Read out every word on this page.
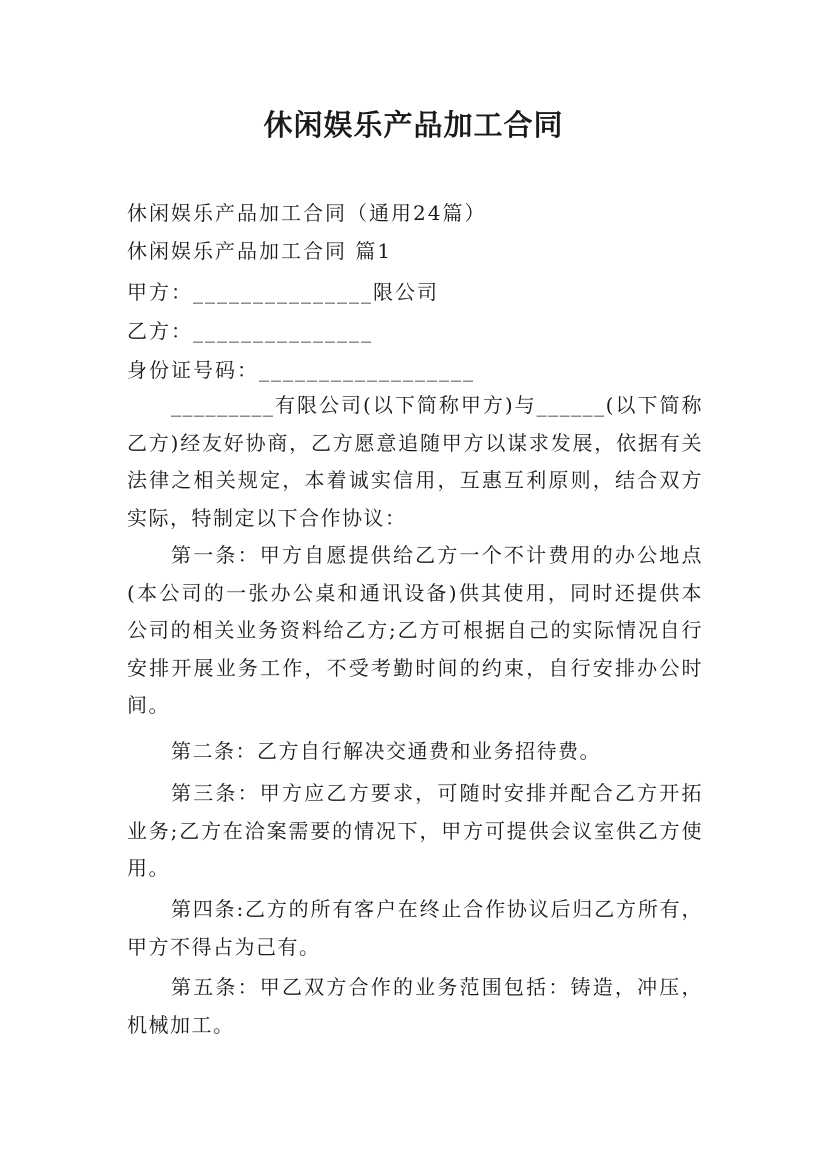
休闲娱乐产品加工合同

休闲娱乐产品加工合同（通用24篇）

休闲娱乐产品加工合同 篇1

甲方：_______________限公司

乙方：_______________

身份证号码：__________________

_________有限公司(以下简称甲方)与______(以下简称乙方)经友好协商，乙方愿意追随甲方以谋求发展，依据有关法律之相关规定，本着诚实信用，互惠互利原则，结合双方实际，特制定以下合作协议：

第一条：甲方自愿提供给乙方一个不计费用的办公地点(本公司的一张办公桌和通讯设备)供其使用，同时还提供本公司的相关业务资料给乙方;乙方可根据自己的实际情况自行安排开展业务工作，不受考勤时间的约束，自行安排办公时间。

第二条：乙方自行解决交通费和业务招待费。

第三条：甲方应乙方要求，可随时安排并配合乙方开拓业务;乙方在洽案需要的情况下，甲方可提供会议室供乙方使用。

第四条:乙方的所有客户在终止合作协议后归乙方所有，甲方不得占为己有。

第五条：甲乙双方合作的业务范围包括：铸造，冲压，机械加工。
